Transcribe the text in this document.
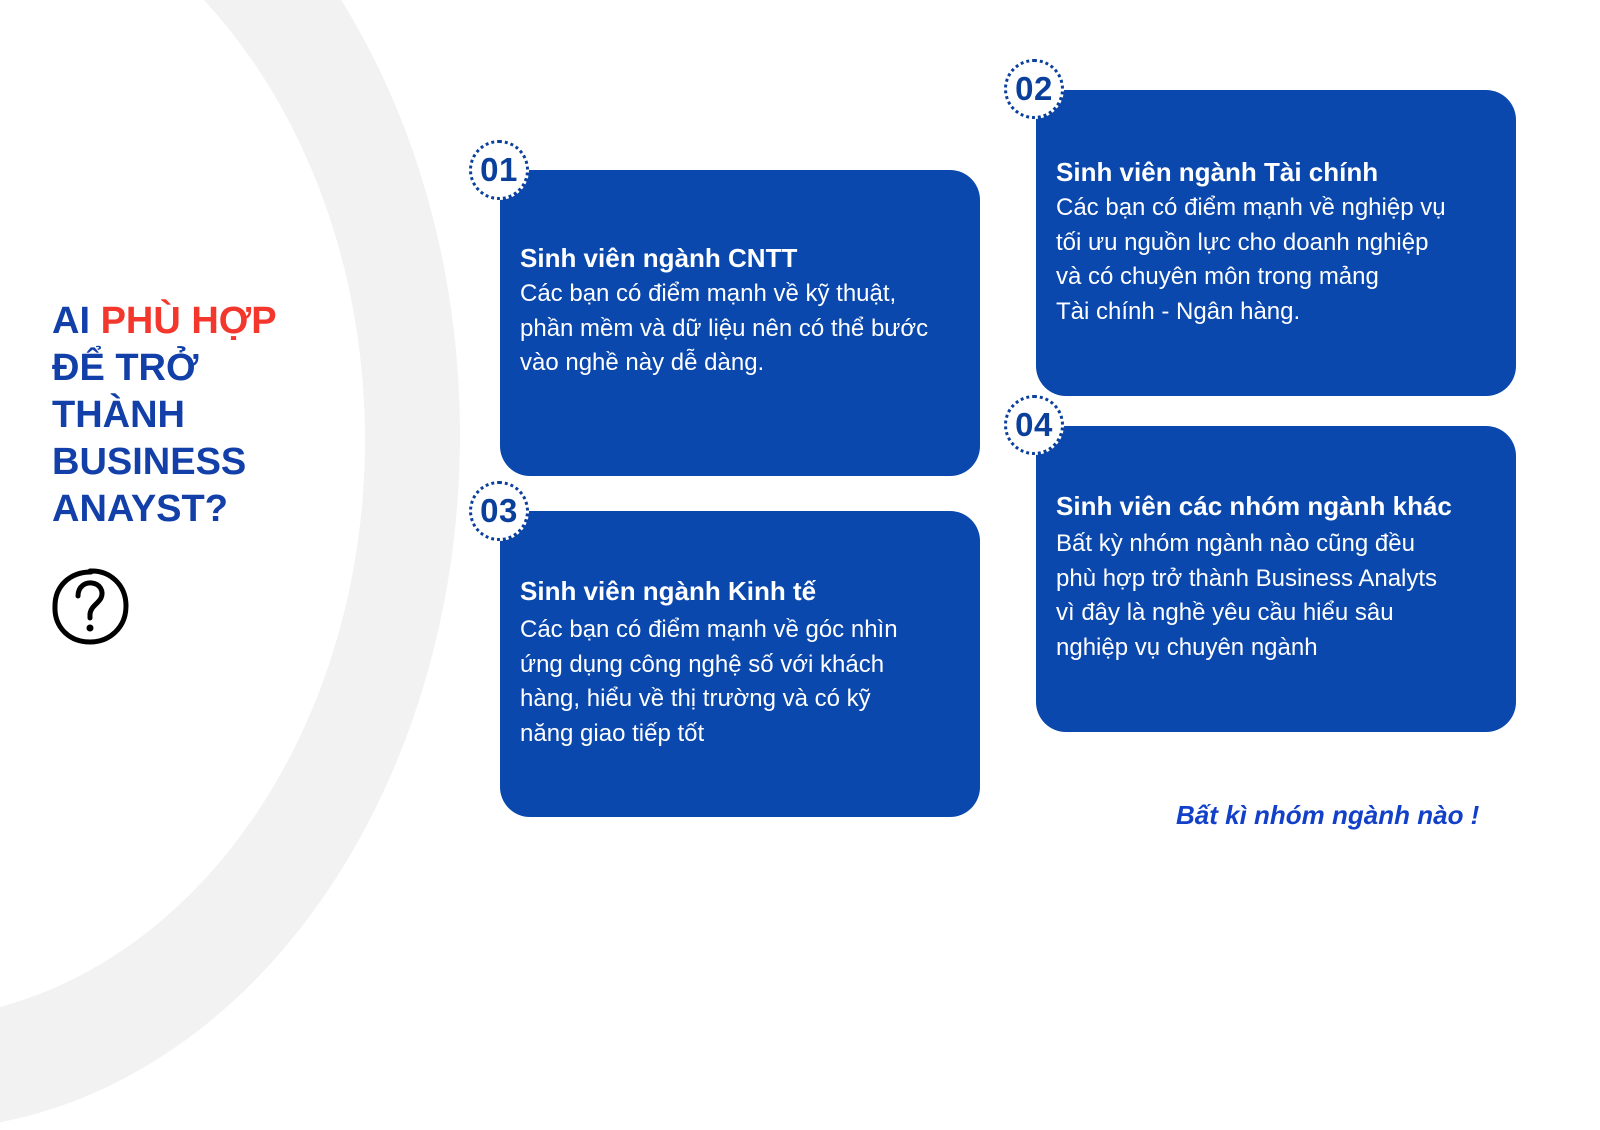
AI PHÙ HỢP
ĐỂ TRỞ
THÀNH
BUSINESS
ANAYST?
Sinh viên ngành CNTT
Các bạn có điểm mạnh về kỹ thuật,
phần mềm và dữ liệu nên có thể bước
vào nghề này dễ dàng.
01	Sinh viên ngành Tài chính
Các bạn có điểm mạnh về nghiệp vụ
tối ưu nguồn lực cho doanh nghiệp
và có chuyên môn trong mảng
Tài chính - Ngân hàng.
02
Sinh viên ngành Kinh tế
Các bạn có điểm mạnh về góc nhìn
ứng dụng công nghệ số với khách
hàng, hiểu về thị trường và có kỹ
năng giao tiếp tốt
03	Sinh viên các nhóm ngành khác
Bất kỳ nhóm ngành nào cũng đều
phù hợp trở thành Business Analyts
vì đây là nghề yêu cầu hiểu sâu
nghiệp vụ chuyên ngành
04
Bất kì nhóm ngành nào !
